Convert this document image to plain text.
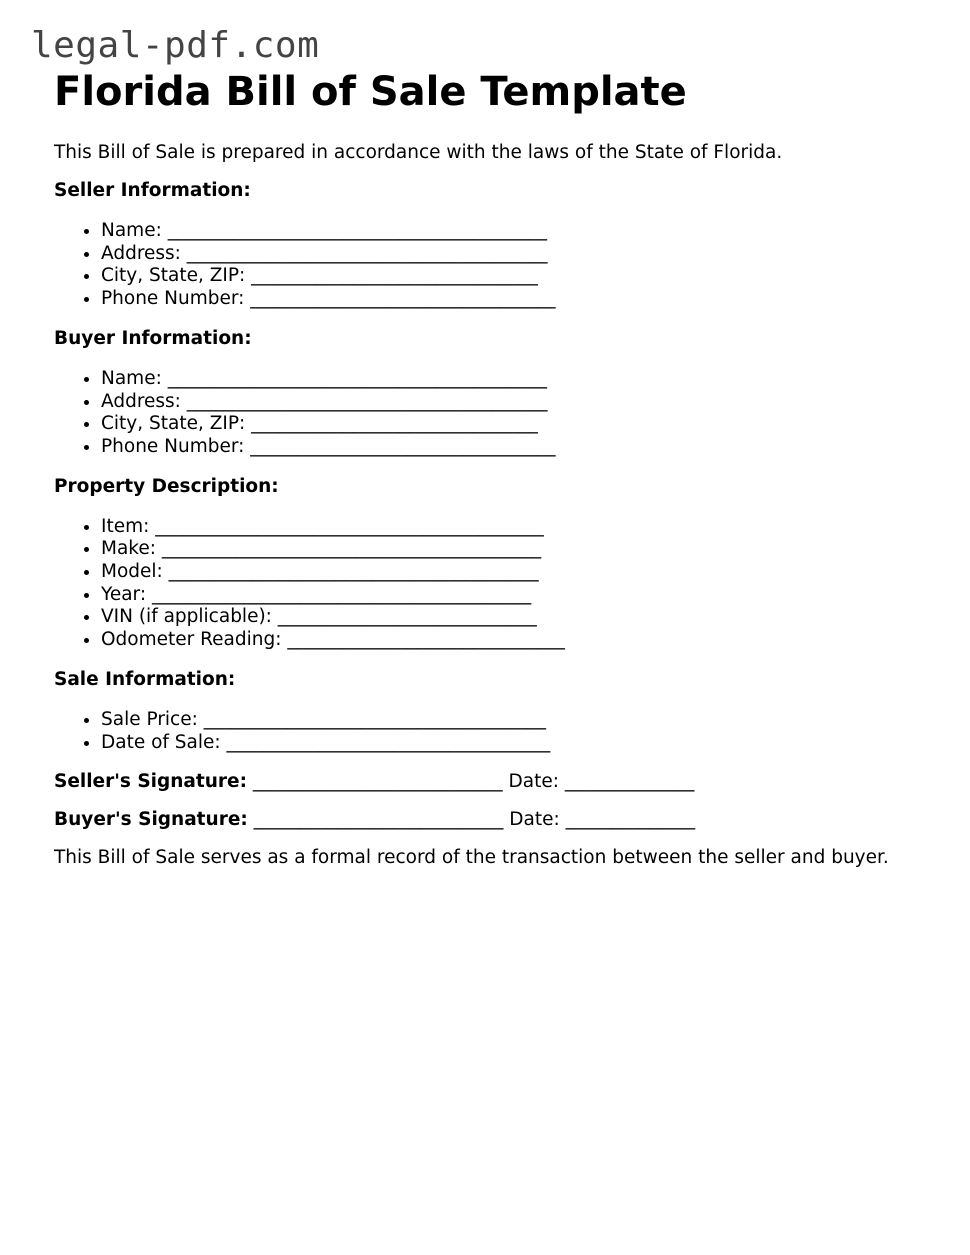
legal-pdf.com
Florida Bill of Sale Template

This Bill of Sale is prepared in accordance with the laws of the State of Florida.

Seller Information:
• Name: _________________________________________
• Address: _______________________________________
• City, State, ZIP: _______________________________
• Phone Number: _________________________________
Buyer Information:
• Name: _________________________________________
• Address: _______________________________________
• City, State, ZIP: _______________________________
• Phone Number: _________________________________
Property Description:
• Item: __________________________________________
• Make: _________________________________________
• Model: ________________________________________
• Year: _________________________________________
• VIN (if applicable): ____________________________
• Odometer Reading: ______________________________
Sale Information:
• Sale Price: _____________________________________
• Date of Sale: ___________________________________

Seller's Signature: ___________________________ Date: ______________

Buyer's Signature: ___________________________ Date: ______________

This Bill of Sale serves as a formal record of the transaction between the seller and buyer.
